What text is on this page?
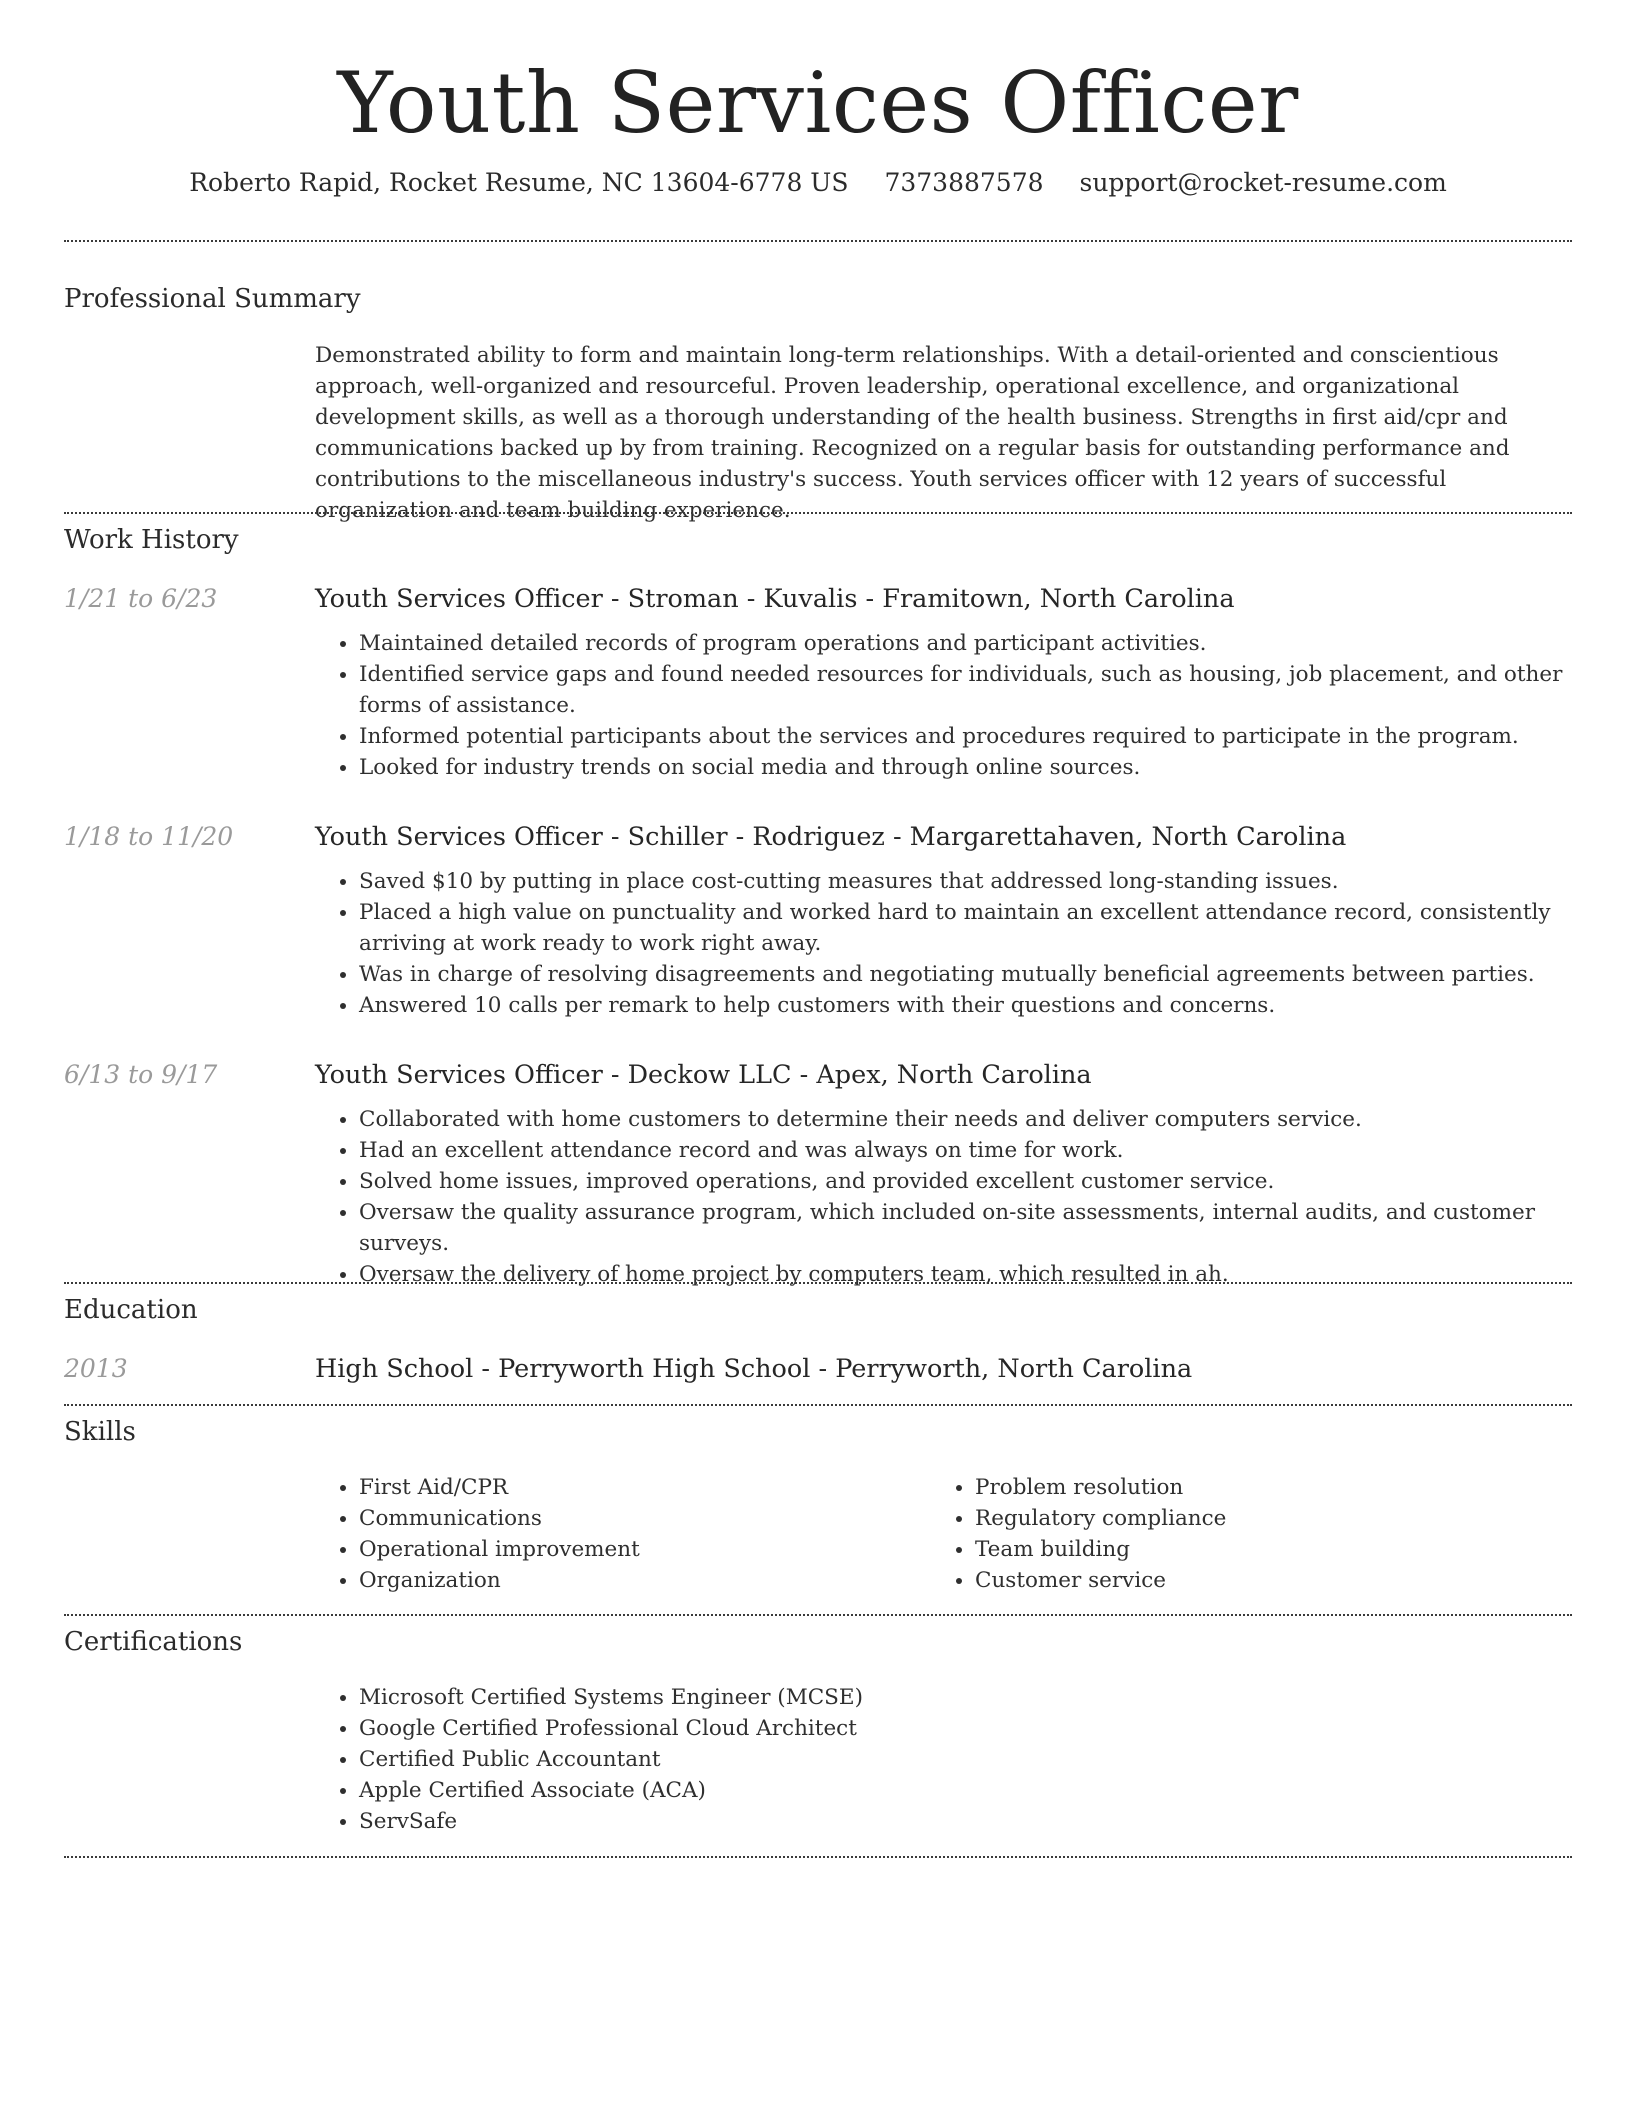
Youth Services Officer
Roberto Rapid, Rocket Resume, NC 13604-6778 US 7373887578 support@rocket-resume.com
Professional Summary
Demonstrated ability to form and maintain long-term relationships. With a detail-oriented and conscientious approach, well-organized and resourceful. Proven leadership, operational excellence, and organizational development skills, as well as a thorough understanding of the health business. Strengths in first aid/cpr and communications backed up by from training. Recognized on a regular basis for outstanding performance and contributions to the miscellaneous industry's success. Youth services officer with 12 years of successful organization and team building experience.
Work History
1/21 to 6/23	Youth Services Officer - Stroman - Kuvalis - Framitown, North Carolina
• Maintained detailed records of program operations and participant activities.
• Identified service gaps and found needed resources for individuals, such as housing, job placement, and other forms of assistance.
• Informed potential participants about the services and procedures required to participate in the program.
• Looked for industry trends on social media and through online sources.
1/18 to 11/20	Youth Services Officer - Schiller - Rodriguez - Margarettahaven, North Carolina
• Saved $10 by putting in place cost-cutting measures that addressed long-standing issues.
• Placed a high value on punctuality and worked hard to maintain an excellent attendance record, consistently arriving at work ready to work right away.
• Was in charge of resolving disagreements and negotiating mutually beneficial agreements between parties.
• Answered 10 calls per remark to help customers with their questions and concerns.
6/13 to 9/17	Youth Services Officer - Deckow LLC - Apex, North Carolina
• Collaborated with home customers to determine their needs and deliver computers service.
• Had an excellent attendance record and was always on time for work.
• Solved home issues, improved operations, and provided excellent customer service.
• Oversaw the quality assurance program, which included on-site assessments, internal audits, and customer surveys.
• Oversaw the delivery of home project by computers team, which resulted in ah.
Education
2013	High School - Perryworth High School - Perryworth, North Carolina
Skills
• First Aid/CPR
• Communications
• Operational improvement
• Organization
• Problem resolution
• Regulatory compliance
• Team building
• Customer service
Certifications
• Microsoft Certified Systems Engineer (MCSE)
• Google Certified Professional Cloud Architect
• Certified Public Accountant
• Apple Certified Associate (ACA)
• ServSafe
